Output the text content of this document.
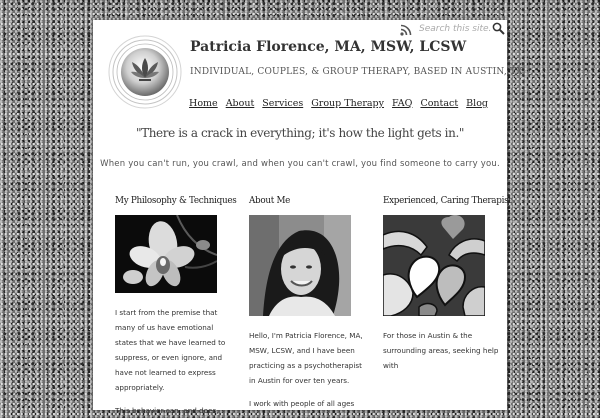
Search this site...
Patricia Florence, MA, MSW, LCSW

INDIVIDUAL, COUPLES, & GROUP THERAPY, BASED IN AUSTIN, TX

Home About Services Group Therapy FAQ Contact Blog

"There is a crack in everything; it's how the light gets in."

When you can't run, you crawl, and when you can't crawl, you find someone to carry you.

My Philosophy & Techniques

I start from the premise that many of us have emotional states that we have learned to suppress, or even ignore, and have not learned to express appropriately.

This behavior can, and does,

About Me

Hello, I'm Patricia Florence, MA, MSW, LCSW, and I have been practicing as a psychotherapist in Austin for over ten years.

I work with people of all ages

Experienced, Caring Therapist

For those in Austin & the surrounding areas, seeking help with
